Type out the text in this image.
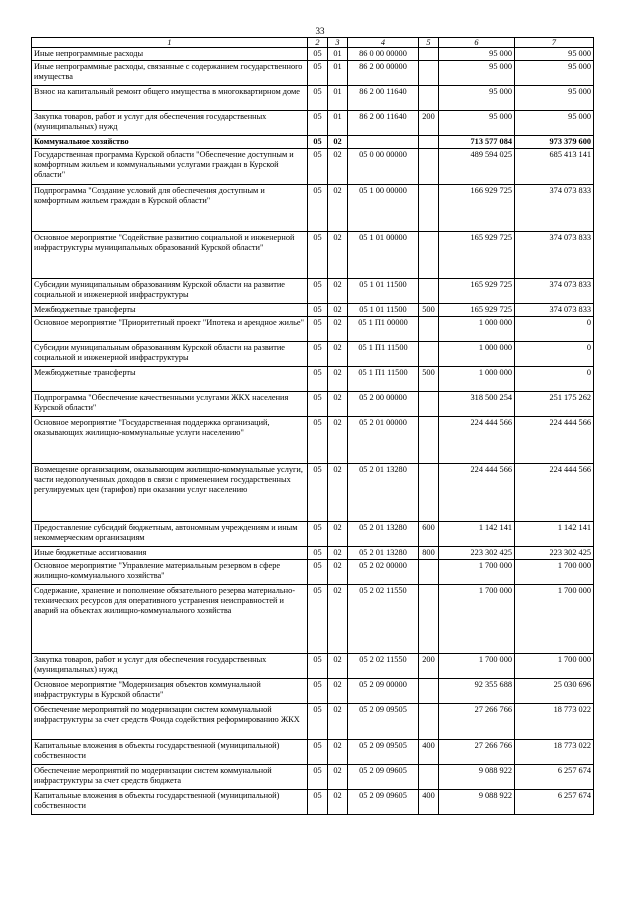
33
1	2	3	4	5	6	7
Иные непрограммные расходы	05	01	86 0 00 00000		95 000	95 000
Иные непрограммные расходы, связанные с содержанием государственного имущества	05	01	86 2 00 00000		95 000	95 000
Взнос на капитальный ремонт общего имущества в многоквартирном доме	05	01	86 2 00 11640		95 000	95 000
Закупка товаров, работ и услуг для обеспечения государственных (муниципальных) нужд	05	01	86 2 00 11640	200	95 000	95 000
Коммунальное хозяйство	05	02			713 577 084	973 379 600
Государственная программа Курской области "Обеспечение доступным и комфортным жильем и коммунальными услугами граждан в Курской области"	05	02	05 0 00 00000		489 594 025	685 413 141
Подпрограмма "Создание условий для обеспечения доступным и комфортным жильем граждан в Курской области"	05	02	05 1 00 00000		166 929 725	374 073 833
Основное мероприятие "Содействие развитию социальной и инженерной инфраструктуры муниципальных образований Курской области"	05	02	05 1 01 00000		165 929 725	374 073 833
Субсидии муниципальным образованиям Курской области на развитие социальной и инженерной инфраструктуры	05	02	05 1 01 11500		165 929 725	374 073 833
Межбюджетные трансферты	05	02	05 1 01 11500	500	165 929 725	374 073 833
Основное мероприятие "Приоритетный проект "Ипотека и арендное жилье"	05	02	05 1 П1 00000		1 000 000	0
Субсидии муниципальным образованиям Курской области на развитие социальной и инженерной инфраструктуры	05	02	05 1 П1 11500		1 000 000	0
Межбюджетные трансферты	05	02	05 1 П1 11500	500	1 000 000	0
Подпрограмма "Обеспечение качественными услугами ЖКХ населения Курской области"	05	02	05 2 00 00000		318 500 254	251 175 262
Основное мероприятие "Государственная поддержка организаций, оказывающих жилищно-коммунальные услуги населению"	05	02	05 2 01 00000		224 444 566	224 444 566
Возмещение организациям, оказывающим жилищно-коммунальные услуги, части недополученных доходов в связи с применением государственных регулируемых цен (тарифов) при оказании услуг населению	05	02	05 2 01 13280		224 444 566	224 444 566
Предоставление субсидий бюджетным, автономным учреждениям и иным некоммерческим организациям	05	02	05 2 01 13280	600	1 142 141	1 142 141
Иные бюджетные ассигнования	05	02	05 2 01 13280	800	223 302 425	223 302 425
Основное мероприятие "Управление материальным резервом в сфере жилищно-коммунального хозяйства"	05	02	05 2 02 00000		1 700 000	1 700 000
Содержание, хранение и пополнение обязательного резерва материально-технических ресурсов для оперативного устранения неисправностей и аварий на объектах жилищно-коммунального хозяйства	05	02	05 2 02 11550		1 700 000	1 700 000
Закупка товаров, работ и услуг для обеспечения государственных (муниципальных) нужд	05	02	05 2 02 11550	200	1 700 000	1 700 000
Основное мероприятие "Модернизация объектов коммунальной инфраструктуры в Курской области"	05	02	05 2 09 00000		92 355 688	25 030 696
Обеспечение мероприятий по модернизации систем коммунальной инфраструктуры за счет средств Фонда содействия реформированию ЖКХ	05	02	05 2 09 09505		27 266 766	18 773 022
Капитальные вложения в объекты государственной (муниципальной) собственности	05	02	05 2 09 09505	400	27 266 766	18 773 022
Обеспечение мероприятий по модернизации систем коммунальной инфраструктуры за счет средств бюджета	05	02	05 2 09 09605		9 088 922	6 257 674
Капитальные вложения в объекты государственной (муниципальной) собственности	05	02	05 2 09 09605	400	9 088 922	6 257 674
